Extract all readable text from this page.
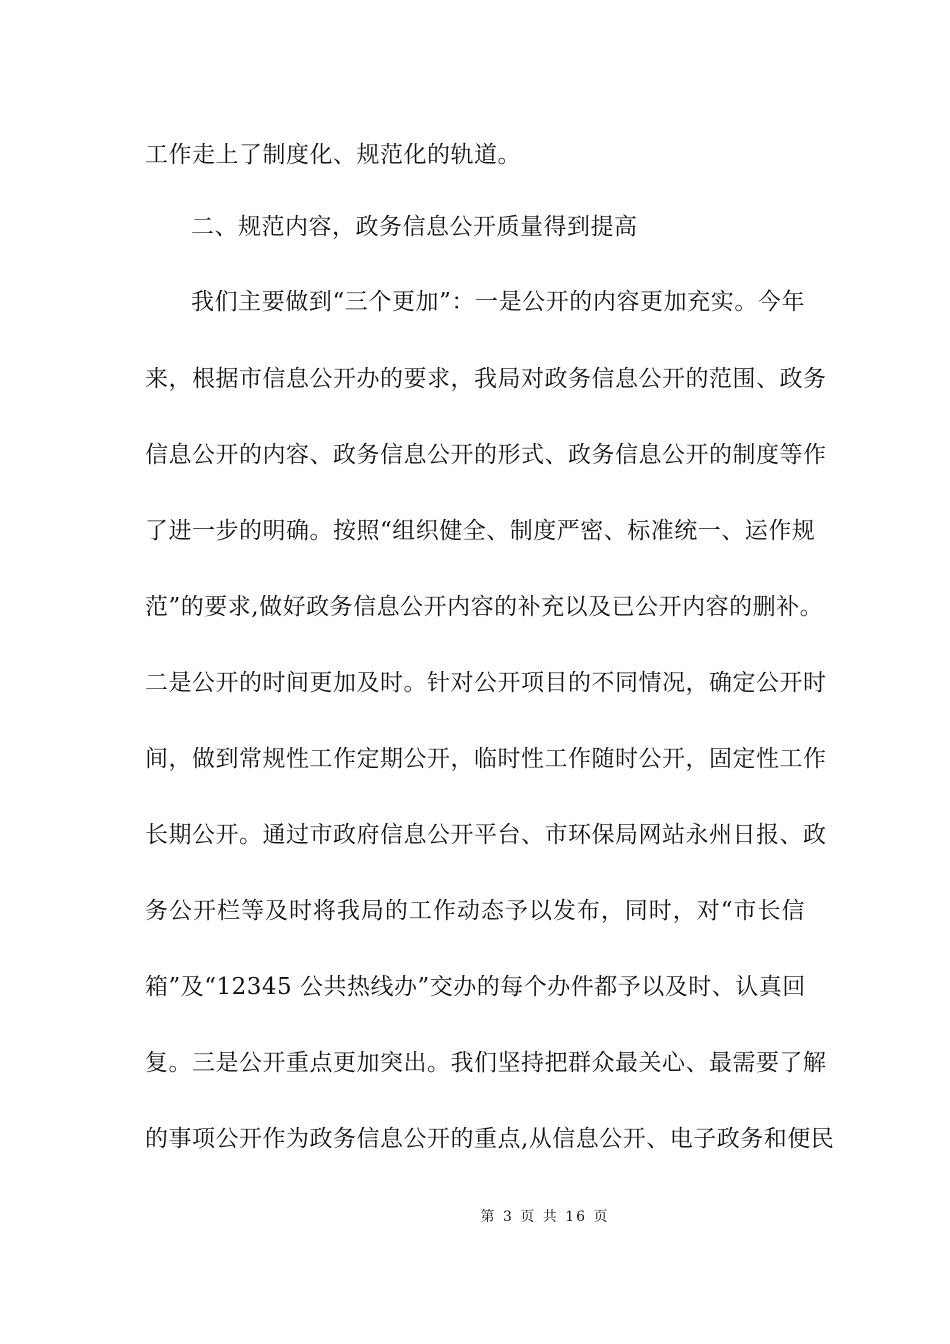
工作走上了制度化、规范化的轨道。
二、规范内容，政务信息公开质量得到提高
我们主要做到“三个更加”：一是公开的内容更加充实。今年
来，根据市信息公开办的要求，我局对政务信息公开的范围、政务
信息公开的内容、政务信息公开的形式、政务信息公开的制度等作
了进一步的明确。按照“组织健全、制度严密、标准统一、运作规
范”的要求,做好政务信息公开内容的补充以及已公开内容的删补。
二是公开的时间更加及时。针对公开项目的不同情况，确定公开时
间，做到常规性工作定期公开，临时性工作随时公开，固定性工作
长期公开。通过市政府信息公开平台、市环保局网站永州日报、政
务公开栏等及时将我局的工作动态予以发布，同时，对“市长信
箱”及“12345 公共热线办”交办的每个办件都予以及时、认真回
复。三是公开重点更加突出。我们坚持把群众最关心、最需要了解
的事项公开作为政务信息公开的重点,从信息公开、电子政务和便民
第 3 页 共 16 页
